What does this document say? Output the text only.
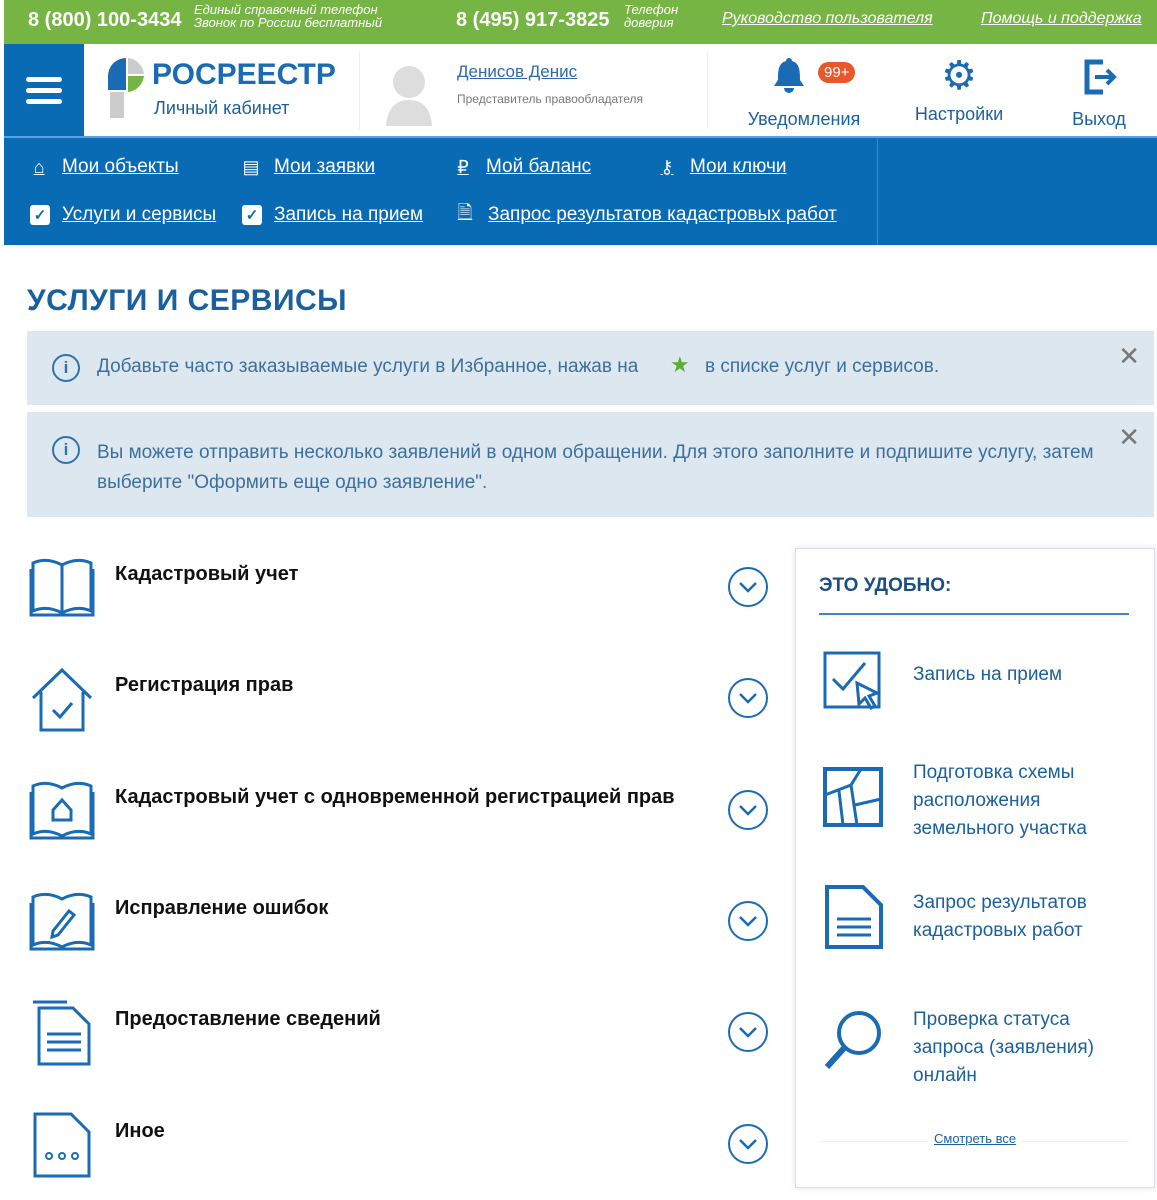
8 (800) 100-3434 Единый справочный телефон
Звонок по России бесплатный	8 (495) 917-3825 Телефон
доверия	Руководство пользователя	Помощь и поддержка
РОСРЕЕСТР
Личный кабинет
Денисов Денис
Представитель правообладателя
99+
Уведомления
⚙
Настройки	Выход
⌂ Мои объекты	▤ Мои заявки	₽ Мой баланс	⚷ Мои ключи
✓ Услуги и сервисы ✓ Запись на прием 🗎 Запрос результатов кадастровых работ
УСЛУГИ И СЕРВИСЫ
i	Добавьте часто заказываемые услуги в Избранное, нажав на ★ в списке услуг и сервисов.	✕
i	Вы можете отправить несколько заявлений в одном обращении. Для этого заполните и подпишите услугу, затем выберите "Оформить еще одно заявление".
✕
Кадастровый учет
Регистрация прав
Кадастровый учет с одновременной регистрацией прав
Исправление ошибок
Предоставление сведений
Иное
ЭТО УДОБНО:
Запись на прием
Подготовка схемы расположения земельного участка
Запрос результатов кадастровых работ
Проверка статуса запроса (заявления) онлайн
Смотреть все
